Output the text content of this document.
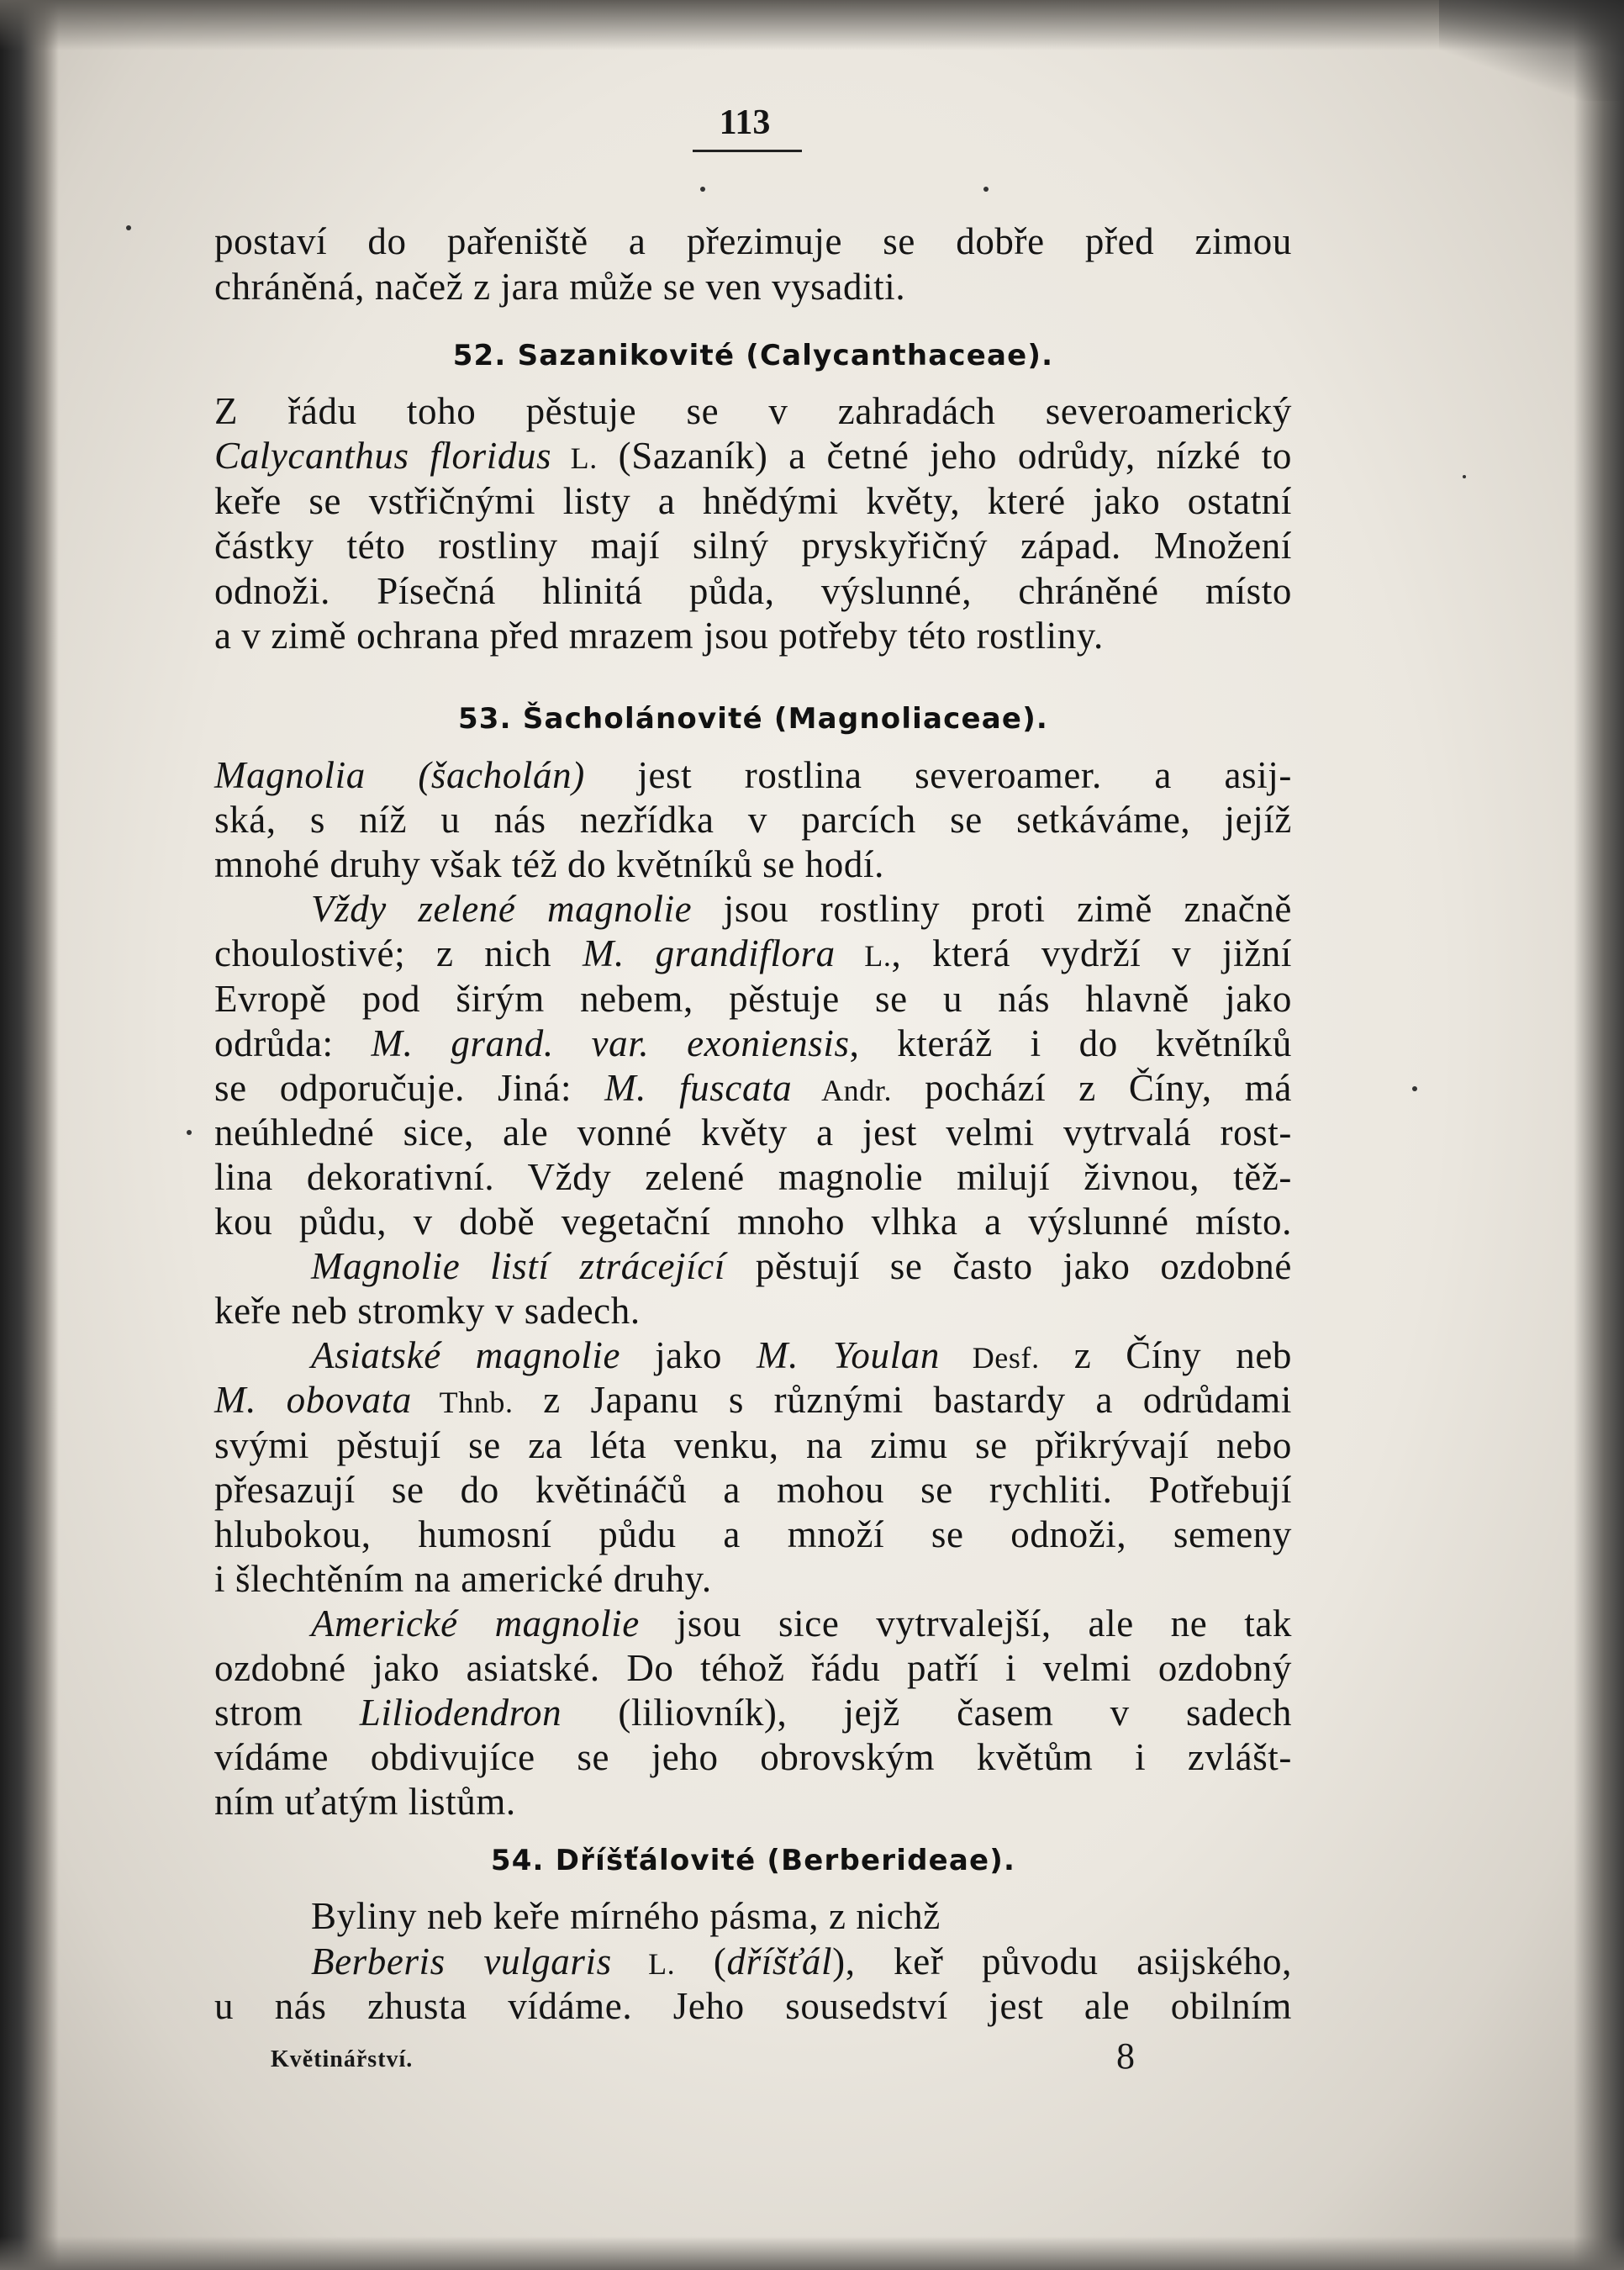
113
postaví do pařeniště a přezimuje se dobře před zimou
chráněná, načež z jara může se ven vysaditi.
52. Sazanikovité (Calycanthaceae).
Z řádu toho pěstuje se v zahradách severoamerický
Calycanthus floridus L. (Sazaník) a četné jeho odrůdy, nízké to
keře se vstřičnými listy a hnědými květy, které jako ostatní
částky této rostliny mají silný pryskyřičný západ. Množení
odnoži. Písečná hlinitá půda, výslunné, chráněné místo
a v zimě ochrana před mrazem jsou potřeby této rostliny.
53. Šacholánovité (Magnoliaceae).
Magnolia (šacholán) jest rostlina severoamer. a asij-
ská, s níž u nás nezřídka v parcích se setkáváme, jejíž
mnohé druhy však též do květníků se hodí.
Vždy zelené magnolie jsou rostliny proti zimě značně
choulostivé; z nich M. grandiflora L., která vydrží v jižní
Evropě pod širým nebem, pěstuje se u nás hlavně jako
odrůda: M. grand. var. exoniensis, kteráž i do květníků
se odporučuje. Jiná: M. fuscata Andr. pochází z Číny, má
neúhledné sice, ale vonné květy a jest velmi vytrvalá rost-
lina dekorativní. Vždy zelené magnolie milují živnou, těž-
kou půdu, v době vegetační mnoho vlhka a výslunné místo.
Magnolie listí ztrácející pěstují se často jako ozdobné
keře neb stromky v sadech.
Asiatské magnolie jako M. Youlan Desf. z Číny neb
M. obovata Thnb. z Japanu s různými bastardy a odrůdami
svými pěstují se za léta venku, na zimu se přikrývají nebo
přesazují se do květináčů a mohou se rychliti. Potřebují
hlubokou, humosní půdu a množí se odnoži, semeny
i šlechtěním na americké druhy.
Americké magnolie jsou sice vytrvalejší, ale ne tak
ozdobné jako asiatské. Do téhož řádu patří i velmi ozdobný
strom Liliodendron (liliovník), jejž časem v sadech
vídáme obdivujíce se jeho obrovským květům i zvlášt-
ním uťatým listům.
54. Dříšťálovité (Berberideae).
Byliny neb keře mírného pásma, z nichž
Berberis vulgaris L. (dříšťál), keř původu asijského,
u nás zhusta vídáme. Jeho sousedství jest ale obilním
Květinářství.	8
